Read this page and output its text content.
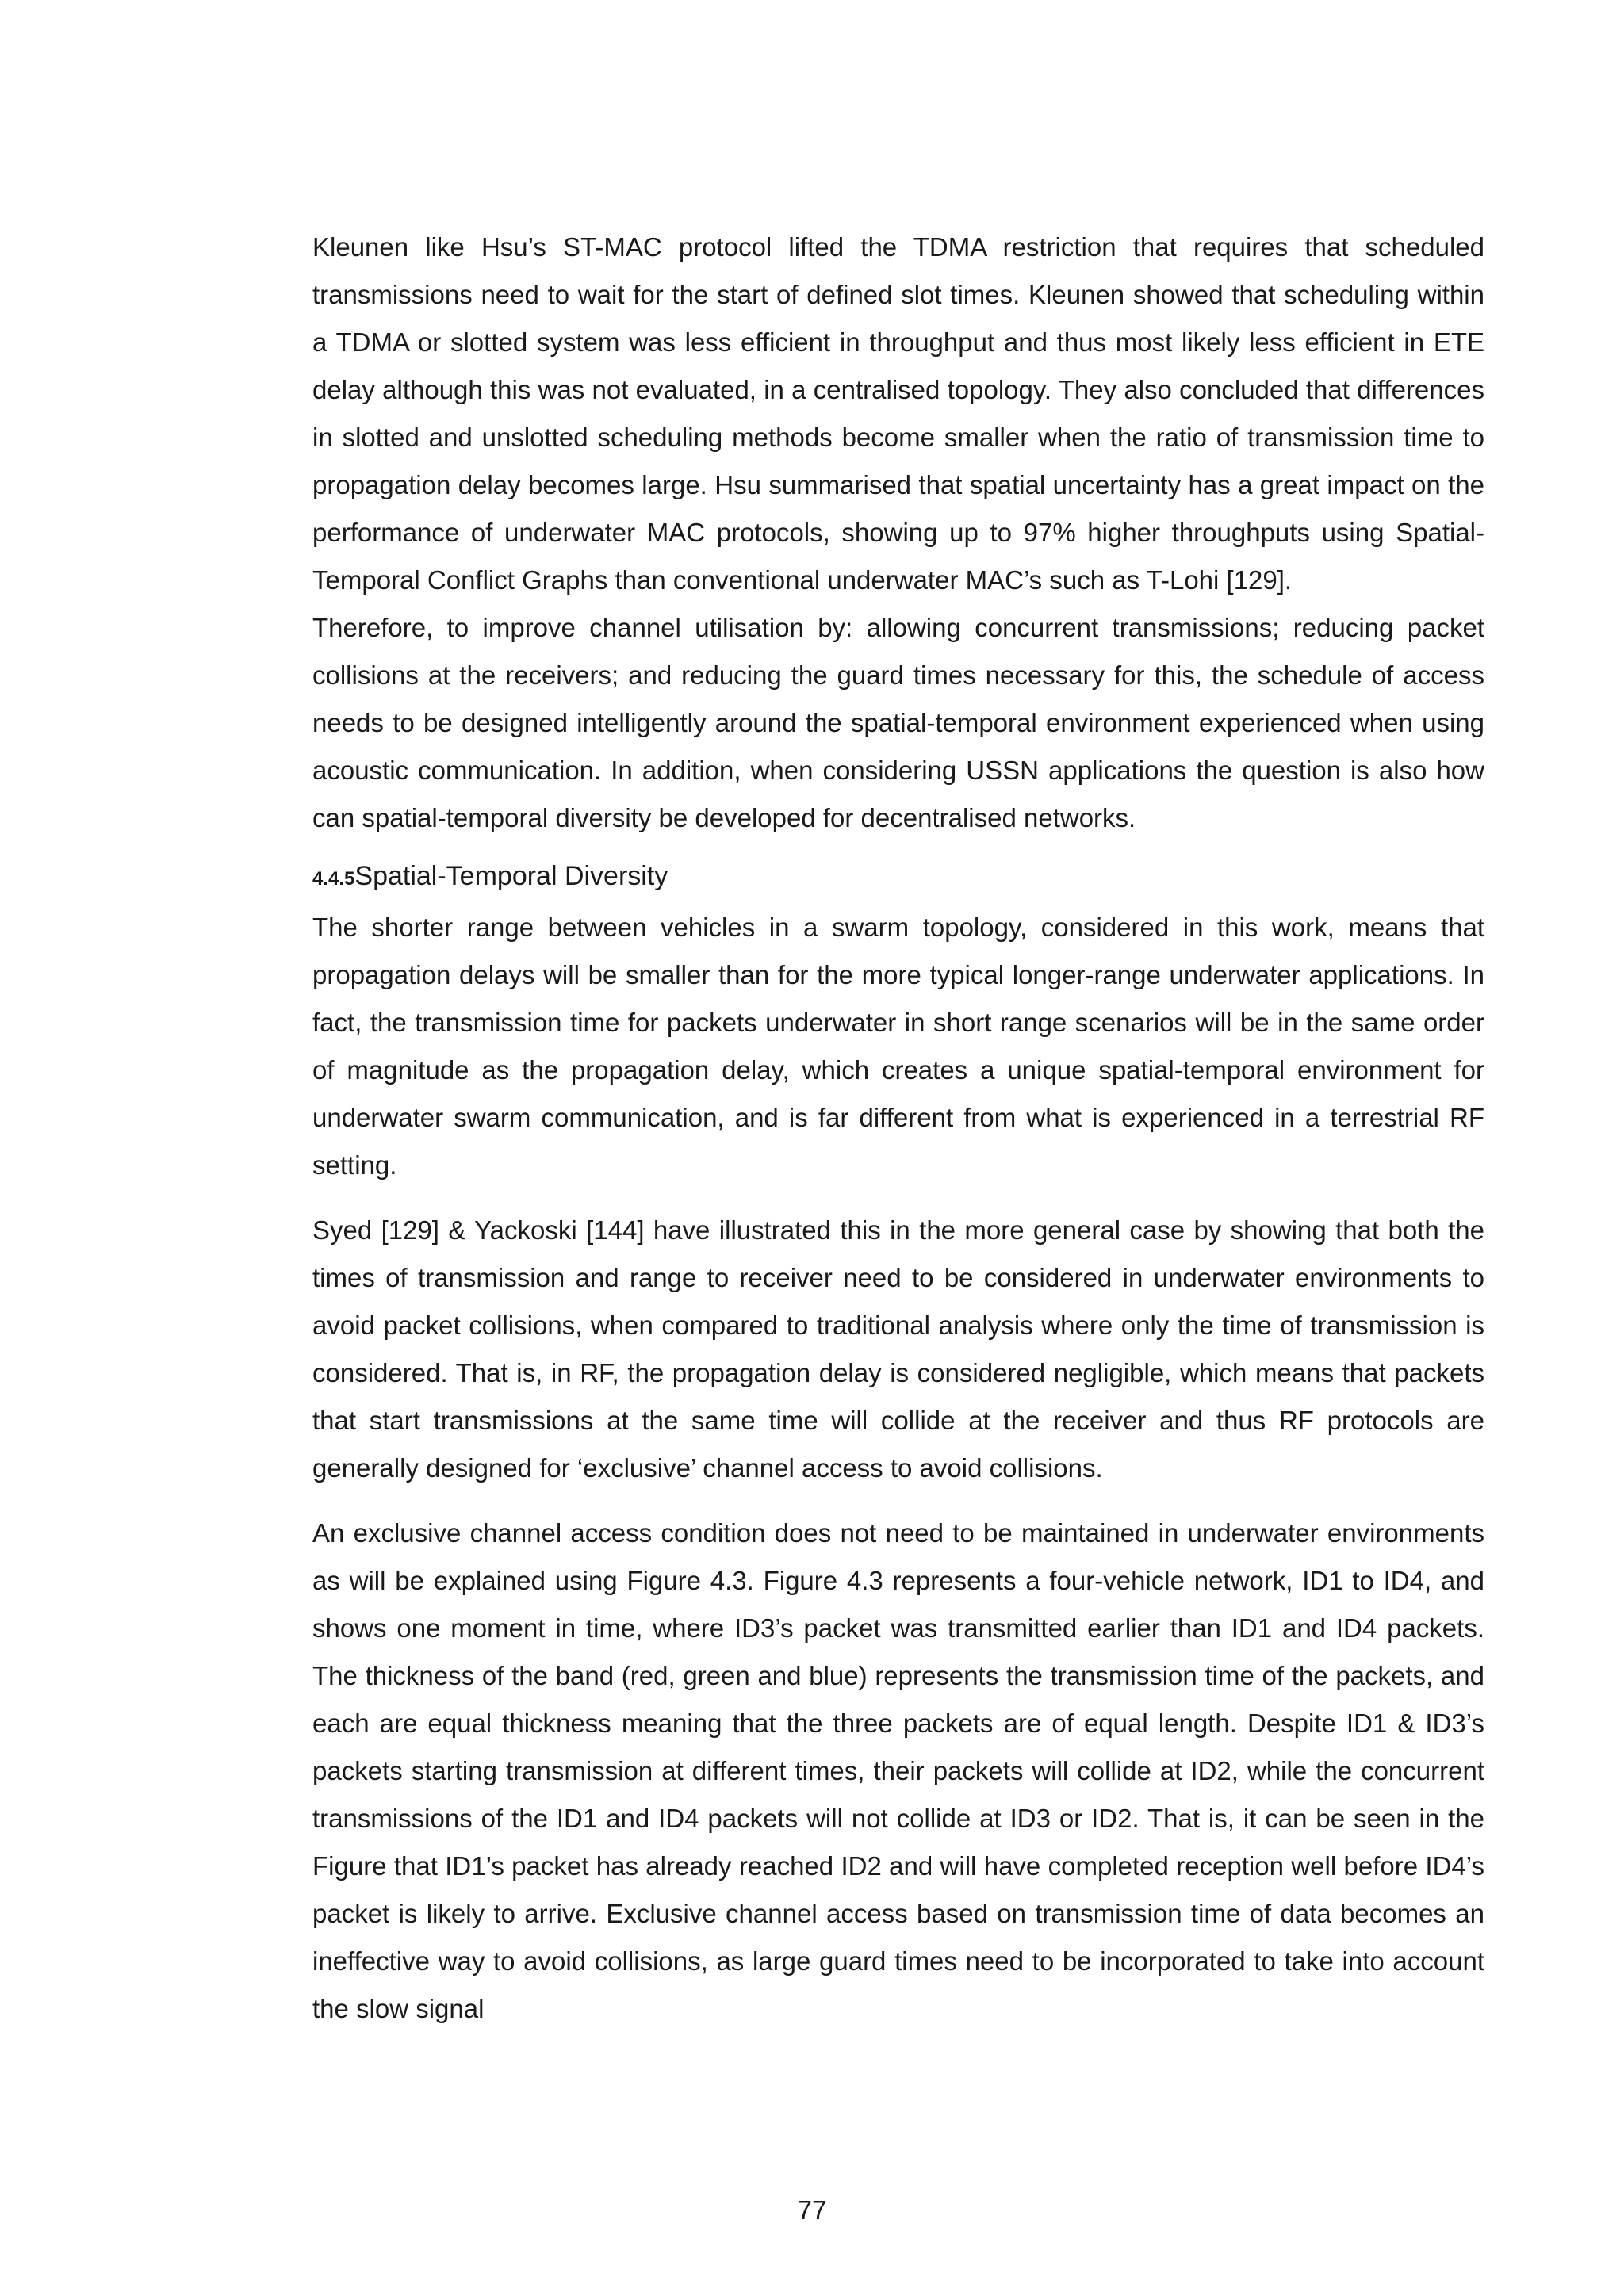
Kleunen like Hsu’s ST-MAC protocol lifted the TDMA restriction that requires that scheduled transmissions need to wait for the start of defined slot times. Kleunen showed that scheduling within a TDMA or slotted system was less efficient in throughput and thus most likely less efficient in ETE delay although this was not evaluated, in a centralised topology. They also concluded that differences in slotted and unslotted scheduling methods become smaller when the ratio of transmission time to propagation delay becomes large. Hsu summarised that spatial uncertainty has a great impact on the performance of underwater MAC protocols, showing up to 97% higher throughputs using Spatial-Temporal Conflict Graphs than conventional underwater MAC’s such as T-Lohi [129].

Therefore, to improve channel utilisation by: allowing concurrent transmissions; reducing packet collisions at the receivers; and reducing the guard times necessary for this, the schedule of access needs to be designed intelligently around the spatial-temporal environment experienced when using acoustic communication. In addition, when considering USSN applications the question is also how can spatial-temporal diversity be developed for decentralised networks.

4.4.5Spatial-Temporal Diversity

The shorter range between vehicles in a swarm topology, considered in this work, means that propagation delays will be smaller than for the more typical longer-range underwater applications. In fact, the transmission time for packets underwater in short range scenarios will be in the same order of magnitude as the propagation delay, which creates a unique spatial-temporal environment for underwater swarm communication, and is far different from what is experienced in a terrestrial RF setting.

Syed [129] & Yackoski [144] have illustrated this in the more general case by showing that both the times of transmission and range to receiver need to be considered in underwater environments to avoid packet collisions, when compared to traditional analysis where only the time of transmission is considered. That is, in RF, the propagation delay is considered negligible, which means that packets that start transmissions at the same time will collide at the receiver and thus RF protocols are generally designed for ‘exclusive’ channel access to avoid collisions.

An exclusive channel access condition does not need to be maintained in underwater environments as will be explained using Figure 4.3. Figure 4.3 represents a four-vehicle network, ID1 to ID4, and shows one moment in time, where ID3’s packet was transmitted earlier than ID1 and ID4 packets. The thickness of the band (red, green and blue) represents the transmission time of the packets, and each are equal thickness meaning that the three packets are of equal length. Despite ID1 & ID3’s packets starting transmission at different times, their packets will collide at ID2, while the concurrent transmissions of the ID1 and ID4 packets will not collide at ID3 or ID2. That is, it can be seen in the Figure that ID1’s packet has already reached ID2 and will have completed reception well before ID4’s packet is likely to arrive. Exclusive channel access based on transmission time of data becomes an ineffective way to avoid collisions, as large guard times need to be incorporated to take into account the slow signal

77
